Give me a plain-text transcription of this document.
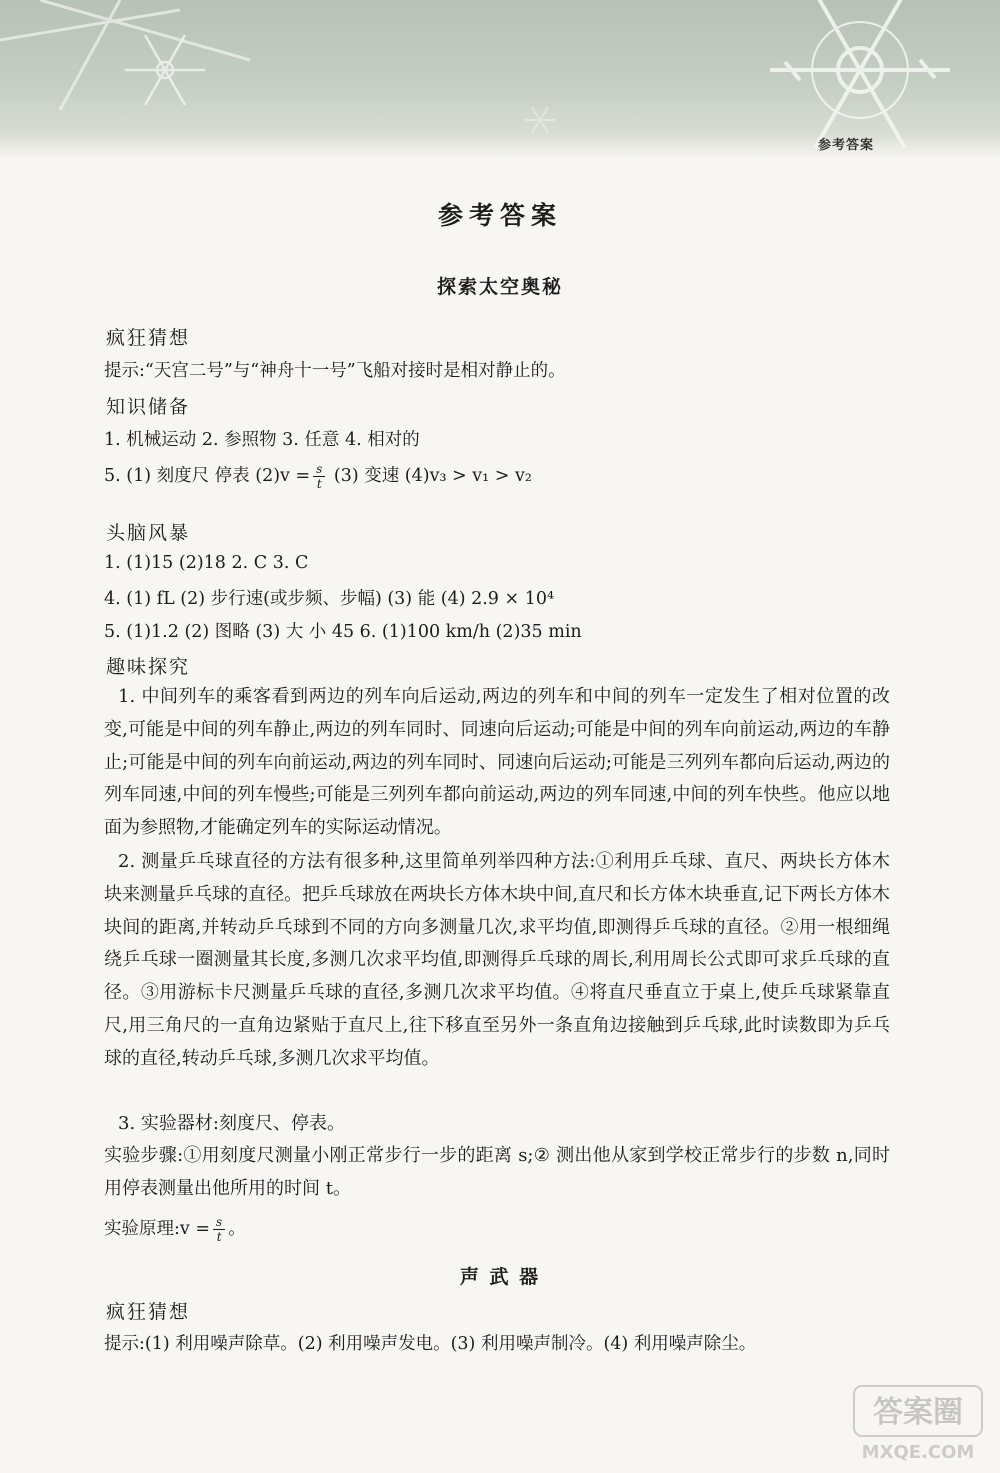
参考答案
参考答案
探索太空奥秘
疯狂猜想
提示:“天宫二号”与“神舟十一号”飞船对接时是相对静止的。
知识储备
1. 机械运动 2. 参照物 3. 任意 4. 相对的
5. (1) 刻度尺 停表 $(2)v = \frac{s}{t} (3)$ 变速 (4)v₃ > v₁ > v₂
头脑风暴
1. (1)15 (2)18 2. C 3. C
4. (1) fL (2) 步行速(或步频、步幅) (3) 能 (4) 2.9 × 10⁴
5. (1)1.2 (2) 图略 (3) 大 小 45 6. (1)100 km/h (2)35 min
趣味探究
1. 中间列车的乘客看到两边的列车向后运动,两边的列车和中间的列车一定发生了相对位置的改变,可能是中间的列车静止,两边的列车同时、同速向后运动;可能是中间的列车向前运动,两边的车静止;可能是中间的列车向前运动,两边的列车同时、同速向后运动;可能是三列列车都向后运动,两边的列车同速,中间的列车慢些;可能是三列列车都向前运动,两边的列车同速,中间的列车快些。他应以地面为参照物,才能确定列车的实际运动情况。
2. 测量乒乓球直径的方法有很多种,这里简单列举四种方法:①利用乒乓球、直尺、两块长方体木块来测量乒乓球的直径。把乒乓球放在两块长方体木块中间,直尺和长方体木块垂直,记下两长方体木块间的距离,并转动乒乓球到不同的方向多测量几次,求平均值,即测得乒乓球的直径。②用一根细绳绕乒乓球一圈测量其长度,多测几次求平均值,即测得乒乓球的周长,利用周长公式即可求乒乓球的直径。③用游标卡尺测量乒乓球的直径,多测几次求平均值。④将直尺垂直立于桌上,使乒乓球紧靠直尺,用三角尺的一直角边紧贴于直尺上,往下移直至另外一条直角边接触到乒乓球,此时读数即为乒乓球的直径,转动乒乓球,多测几次求平均值。
3. 实验器材:刻度尺、停表。
实验步骤:①用刻度尺测量小刚正常步行一步的距离 s;② 测出他从家到学校正常步行的步数 n,同时用停表测量出他所用的时间 t。
实验原理:v = $\frac{s}{t}$ 。
声 武 器
疯狂猜想
提示:(1) 利用噪声除草。(2) 利用噪声发电。(3) 利用噪声制冷。(4) 利用噪声除尘。
答案圈
MXQE.COM
